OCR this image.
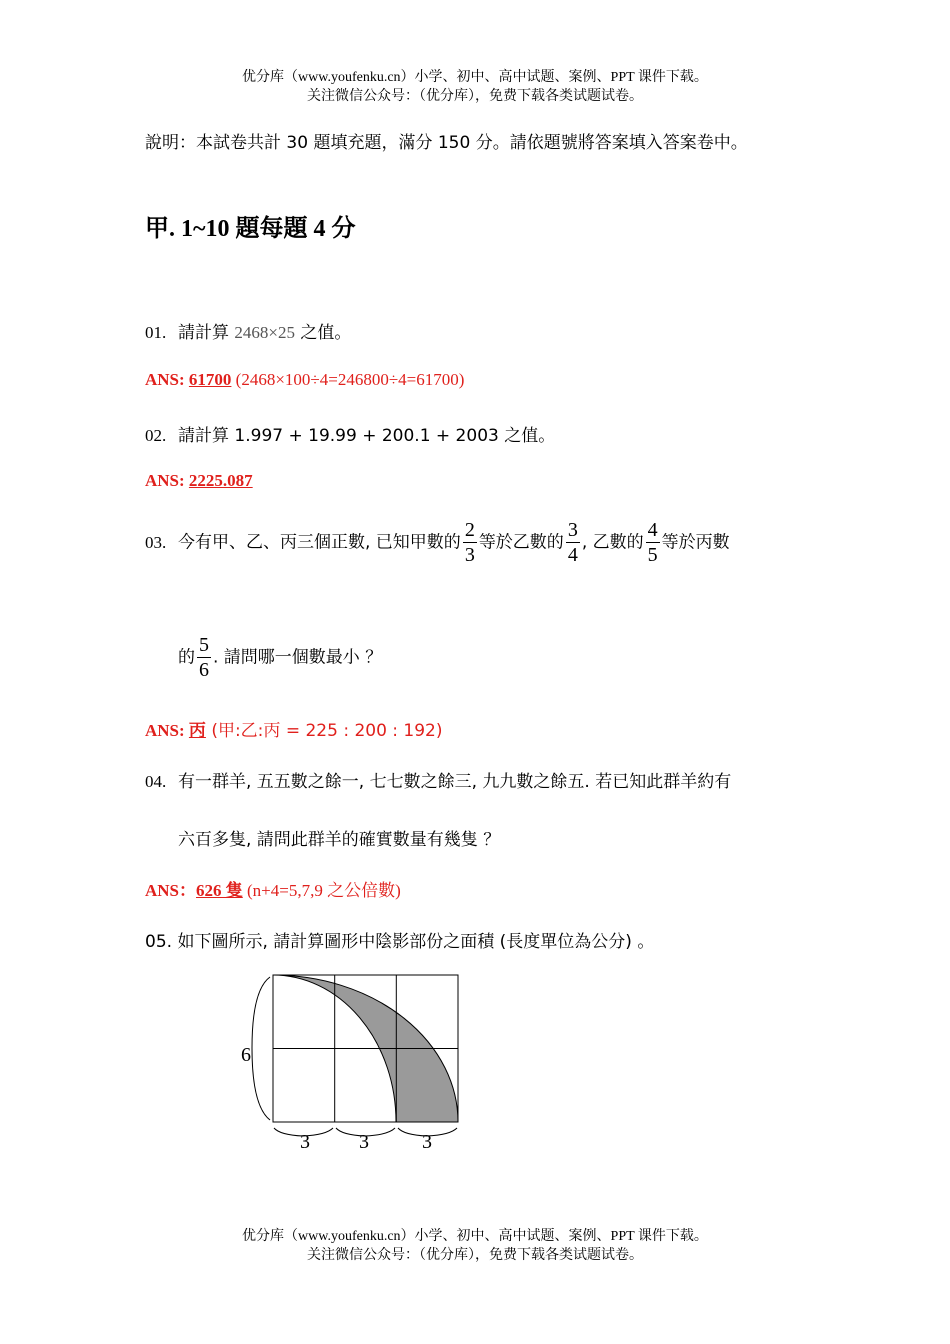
优分库（www.youfenku.cn）小学、初中、高中试题、案例、PPT 课件下载。
关注微信公众号：（优分库），免费下载各类试题试卷。
說明：本試卷共計 30 題填充題，滿分 150 分。請依題號將答案填入答案卷中。
甲. 1~10 題每題 4 分
01. 請計算 2468×25 之值。
ANS: 61700 (2468×100÷4=246800÷4=61700)
02. 請計算 1.997 + 19.99 + 200.1 + 2003 之值。
ANS: 2225.087
03. 今有甲、乙、丙三個正數, 已知甲數的 $\frac{2}{3}$ 等於乙數的 $\frac{3}{4}$ , 乙數的 $\frac{4}{5}$ 等於丙數
的 $\frac{5}{6}$ . 請問哪一個數最小 ？
ANS: 丙 (甲:乙:丙 = 225 : 200 : 192)
04. 有一群羊, 五五數之餘一, 七七數之餘三, 九九數之餘五. 若已知此群羊約有
六百多隻, 請問此群羊的確實數量有幾隻 ？
ANS：626 隻 (n+4=5,7,9 之公倍數)
05. 如下圖所示, 請計算圖形中陰影部份之面積 (長度單位為公分) 。
6
3 3	3
优分库（www.youfenku.cn）小学、初中、高中试题、案例、PPT 课件下载。
关注微信公众号：（优分库），免费下载各类试题试卷。
